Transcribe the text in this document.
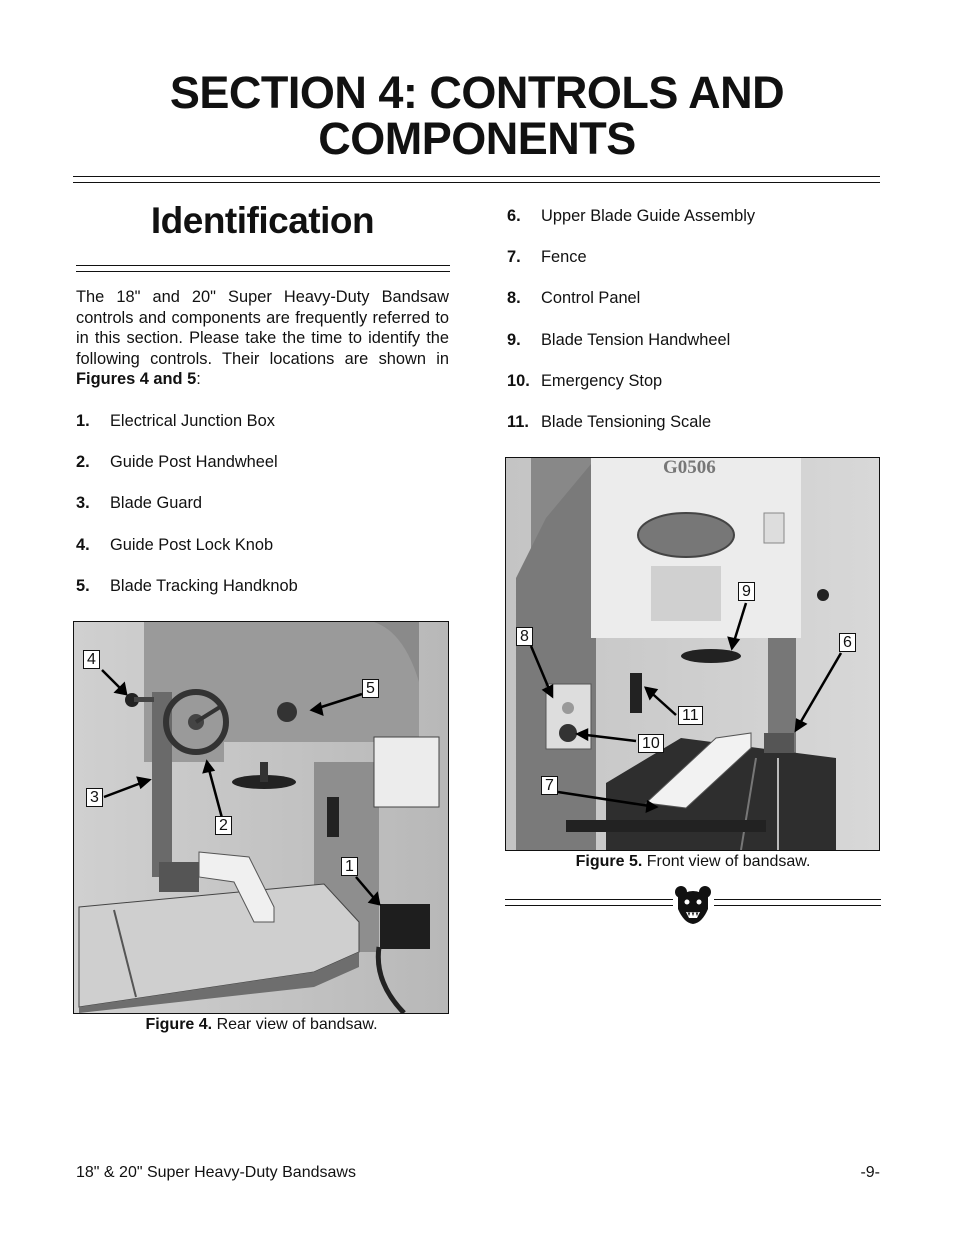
SECTION 4: CONTROLS AND
COMPONENTS
Identification

The 18" and 20" Super Heavy-Duty Bandsaw controls and components are frequently referred to in this section. Please take the time to identify the following controls. Their locations are shown in Figures 4 and 5:

1. Electrical Junction Box
2. Guide Post Handwheel
3. Blade Guard
4. Guide Post Lock Knob
5. Blade Tracking Handknob
6. Upper Blade Guide Assembly
7. Fence
8. Control Panel
9. Blade Tension Handwheel
10. Emergency Stop
11. Blade Tensioning Scale
4
5
3
2
1
Figure 4. Rear view of bandsaw.
G0506
9
8	6
11
10
7
Figure 5. Front view of bandsaw.
18" & 20" Super Heavy-Duty Bandsaws	-9-
